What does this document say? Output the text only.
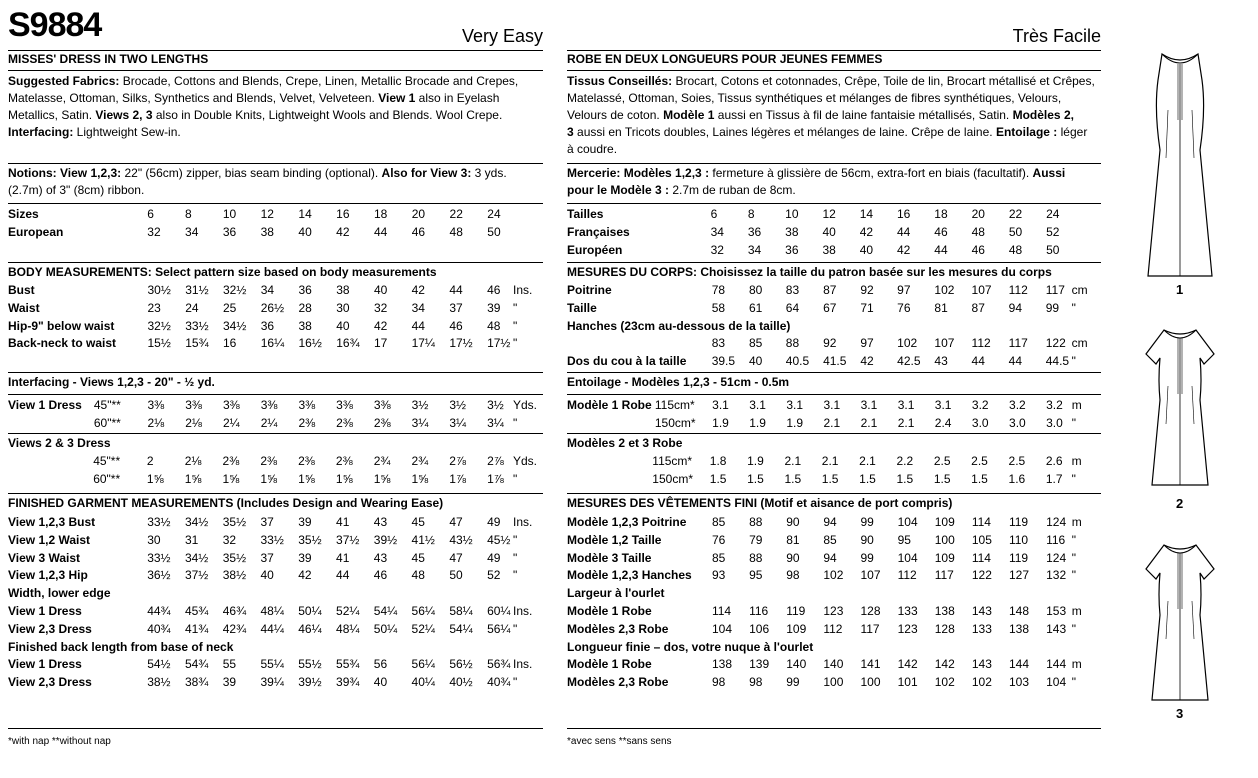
S9884	Very Easy
MISSES' DRESS IN TWO LENGTHS
Suggested Fabrics: Brocade, Cottons and Blends, Crepe, Linen, Metallic Brocade and Crepes,
Matelasse, Ottoman, Silks, Synthetics and Blends, Velvet, Velveteen. View 1 also in Eyelash
Metallics, Satin. Views 2, 3 also in Double Knits, Lightweight Wools and Blends. Wool Crepe.
Interfacing: Lightweight Sew-in.
Notions: View 1,2,3: 22" (56cm) zipper, bias seam binding (optional). Also for View 3: 3 yds.
(2.7m) of 3" (8cm) ribbon.
Sizes	6	8	10	12	14	16	18	20	22	24	
European	32	34	36	38	40	42	44	46	48	50	
BODY MEASUREMENTS: Select pattern size based on body measurements
Bust	30½	31½	32½	34	36	38	40	42	44	46	Ins.
Waist	23	24	25	26½	28	30	32	34	37	39	"
Hip-9" below waist	32½	33½	34½	36	38	40	42	44	46	48	"
Back-neck to waist	15½	15¾	16	16¼	16½	16¾	17	17¼	17½	17½	"
Interfacing - Views 1,2,3 - 20" - ½ yd.
View 1 Dress	45"**	3⅜	3⅜	3⅜	3⅜	3⅜	3⅜	3⅜	3½	3½	3½	Yds.
	60"**	2⅛	2⅛	2¼	2¼	2⅜	2⅜	2⅜	3¼	3¼	3¼	"
Views 2 & 3 Dress
	45"**	2	2⅛	2⅜	2⅜	2⅜	2⅜	2¾	2¾	2⅞	2⅞	Yds.
	60"**	1⅝	1⅝	1⅝	1⅝	1⅝	1⅝	1⅝	1⅝	1⅞	1⅞	"
FINISHED GARMENT MEASUREMENTS (Includes Design and Wearing Ease)
View 1,2,3 Bust	33½	34½	35½	37	39	41	43	45	47	49	Ins.
View 1,2 Waist	30	31	32	33½	35½	37½	39½	41½	43½	45½	"
View 3 Waist	33½	34½	35½	37	39	41	43	45	47	49	"
View 1,2,3 Hip	36½	37½	38½	40	42	44	46	48	50	52	"
Width, lower edge											
View 1 Dress	44¾	45¾	46¾	48¼	50¼	52¼	54¼	56¼	58¼	60¼	Ins.
View 2,3 Dress	40¾	41¾	42¾	44¼	46¼	48¼	50¼	52¼	54¼	56¼	"
Finished back length from base of neck											
View 1 Dress	54½	54¾	55	55¼	55½	55¾	56	56¼	56½	56¾	Ins.
View 2,3 Dress	38½	38¾	39	39¼	39½	39¾	40	40¼	40½	40¾	"
*with nap **without nap
Très Facile
ROBE EN DEUX LONGUEURS POUR JEUNES FEMMES
Tissus Conseillés: Brocart, Cotons et cotonnades, Crêpe, Toile de lin, Brocart métallisé et Crêpes,
Matelassé, Ottoman, Soies, Tissus synthétiques et mélanges de fibres synthétiques, Velours,
Velours de coton. Modèle 1 aussi en Tissus à fil de laine fantaisie métallisés, Satin. Modèles 2,
3 aussi en Tricots doubles, Laines légères et mélanges de laine. Crêpe de laine. Entoilage : léger
à coudre.
Mercerie: Modèles 1,2,3 : fermeture à glissière de 56cm, extra-fort en biais (facultatif). Aussi
pour le Modèle 3 : 2.7m de ruban de 8cm.
Tailles	6	8	10	12	14	16	18	20	22	24	
Françaises	34	36	38	40	42	44	46	48	50	52	
Européen	32	34	36	38	40	42	44	46	48	50	
MESURES DU CORPS: Choisissez la taille du patron basée sur les mesures du corps
Poitrine	78	80	83	87	92	97	102	107	112	117	cm
Taille	58	61	64	67	71	76	81	87	94	99	"
Hanches (23cm au-dessous de la taille)											
	83	85	88	92	97	102	107	112	117	122	cm
Dos du cou à la taille	39.5	40	40.5	41.5	42	42.5	43	44	44	44.5	"
Entoilage - Modèles 1,2,3 - 51cm - 0.5m
Modèle 1 Robe	115cm*	3.1	3.1	3.1	3.1	3.1	3.1	3.1	3.2	3.2	3.2	m
	150cm*	1.9	1.9	1.9	2.1	2.1	2.1	2.4	3.0	3.0	3.0	"
Modèles 2 et 3 Robe
	115cm*	1.8	1.9	2.1	2.1	2.1	2.2	2.5	2.5	2.5	2.6	m
	150cm*	1.5	1.5	1.5	1.5	1.5	1.5	1.5	1.5	1.6	1.7	"
MESURES DES VÊTEMENTS FINI (Motif et aisance de port compris)
Modèle 1,2,3 Poitrine	85	88	90	94	99	104	109	114	119	124	m
Modèle 1,2 Taille	76	79	81	85	90	95	100	105	110	116	"
Modèle 3 Taille	85	88	90	94	99	104	109	114	119	124	"
Modèle 1,2,3 Hanches	93	95	98	102	107	112	117	122	127	132	"
Largeur à l'ourlet											
Modèle 1 Robe	114	116	119	123	128	133	138	143	148	153	m
Modèles 2,3 Robe	104	106	109	112	117	123	128	133	138	143	"
Longueur finie – dos, votre nuque à l'ourlet											
Modèle 1 Robe	138	139	140	140	141	142	142	143	144	144	m
Modèles 2,3 Robe	98	98	99	100	100	101	102	102	103	104	"
*avec sens **sans sens
1
2
3
